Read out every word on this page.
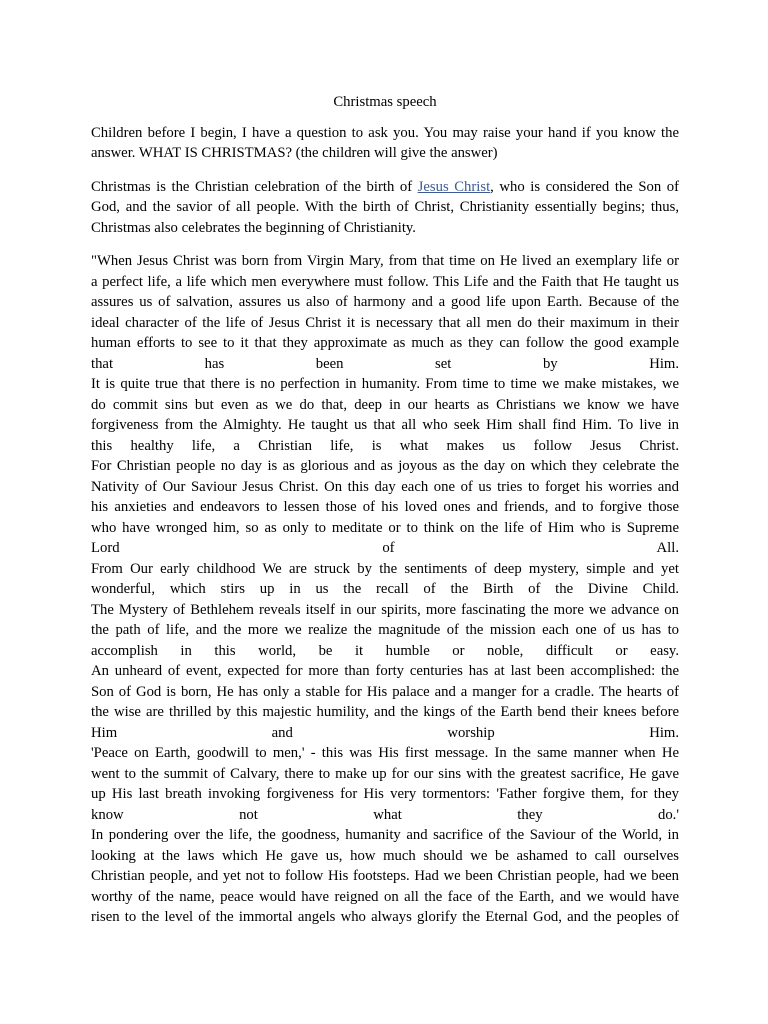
Christmas speech

Children before I begin, I have a question to ask you. You may raise your hand if you know the answer. WHAT IS CHRISTMAS? (the children will give the answer)

Christmas is the Christian celebration of the birth of Jesus Christ, who is considered the Son of God, and the savior of all people. With the birth of Christ, Christianity essentially begins; thus, Christmas also celebrates the beginning of Christianity.

"When Jesus Christ was born from Virgin Mary, from that time on He lived an exemplary life or
a perfect life, a life which men everywhere must follow. This Life and the Faith that He taught us
assures us of salvation, assures us also of harmony and a good life upon Earth. Because of the
ideal character of the life of Jesus Christ it is necessary that all men do their maximum in their
human efforts to see to it that they approximate as much as they can follow the good example
that has been set by Him.
It is quite true that there is no perfection in humanity. From time to time we make mistakes, we
do commit sins but even as we do that, deep in our hearts as Christians we know we have
forgiveness from the Almighty. He taught us that all who seek Him shall find Him. To live in
this healthy life, a Christian life, is what makes us follow Jesus Christ.
For Christian people no day is as glorious and as joyous as the day on which they celebrate the
Nativity of Our Saviour Jesus Christ. On this day each one of us tries to forget his worries and
his anxieties and endeavors to lessen those of his loved ones and friends, and to forgive those
who have wronged him, so as only to meditate or to think on the life of Him who is Supreme
Lord of All.
From Our early childhood We are struck by the sentiments of deep mystery, simple and yet
wonderful, which stirs up in us the recall of the Birth of the Divine Child.
The Mystery of Bethlehem reveals itself in our spirits, more fascinating the more we advance on
the path of life, and the more we realize the magnitude of the mission each one of us has to
accomplish in this world, be it humble or noble, difficult or easy.
An unheard of event, expected for more than forty centuries has at last been accomplished: the
Son of God is born, He has only a stable for His palace and a manger for a cradle. The hearts of
the wise are thrilled by this majestic humility, and the kings of the Earth bend their knees before
Him and worship Him.
'Peace on Earth, goodwill to men,' - this was His first message. In the same manner when He
went to the summit of Calvary, there to make up for our sins with the greatest sacrifice, He gave
up His last breath invoking forgiveness for His very tormentors: 'Father forgive them, for they
know not what they do.'
In pondering over the life, the goodness, humanity and sacrifice of the Saviour of the World, in
looking at the laws which He gave us, how much should we be ashamed to call ourselves
Christian people, and yet not to follow His footsteps. Had we been Christian people, had we been
worthy of the name, peace would have reigned on all the face of the Earth, and we would have
risen to the level of the immortal angels who always glorify the Eternal God, and the peoples of
